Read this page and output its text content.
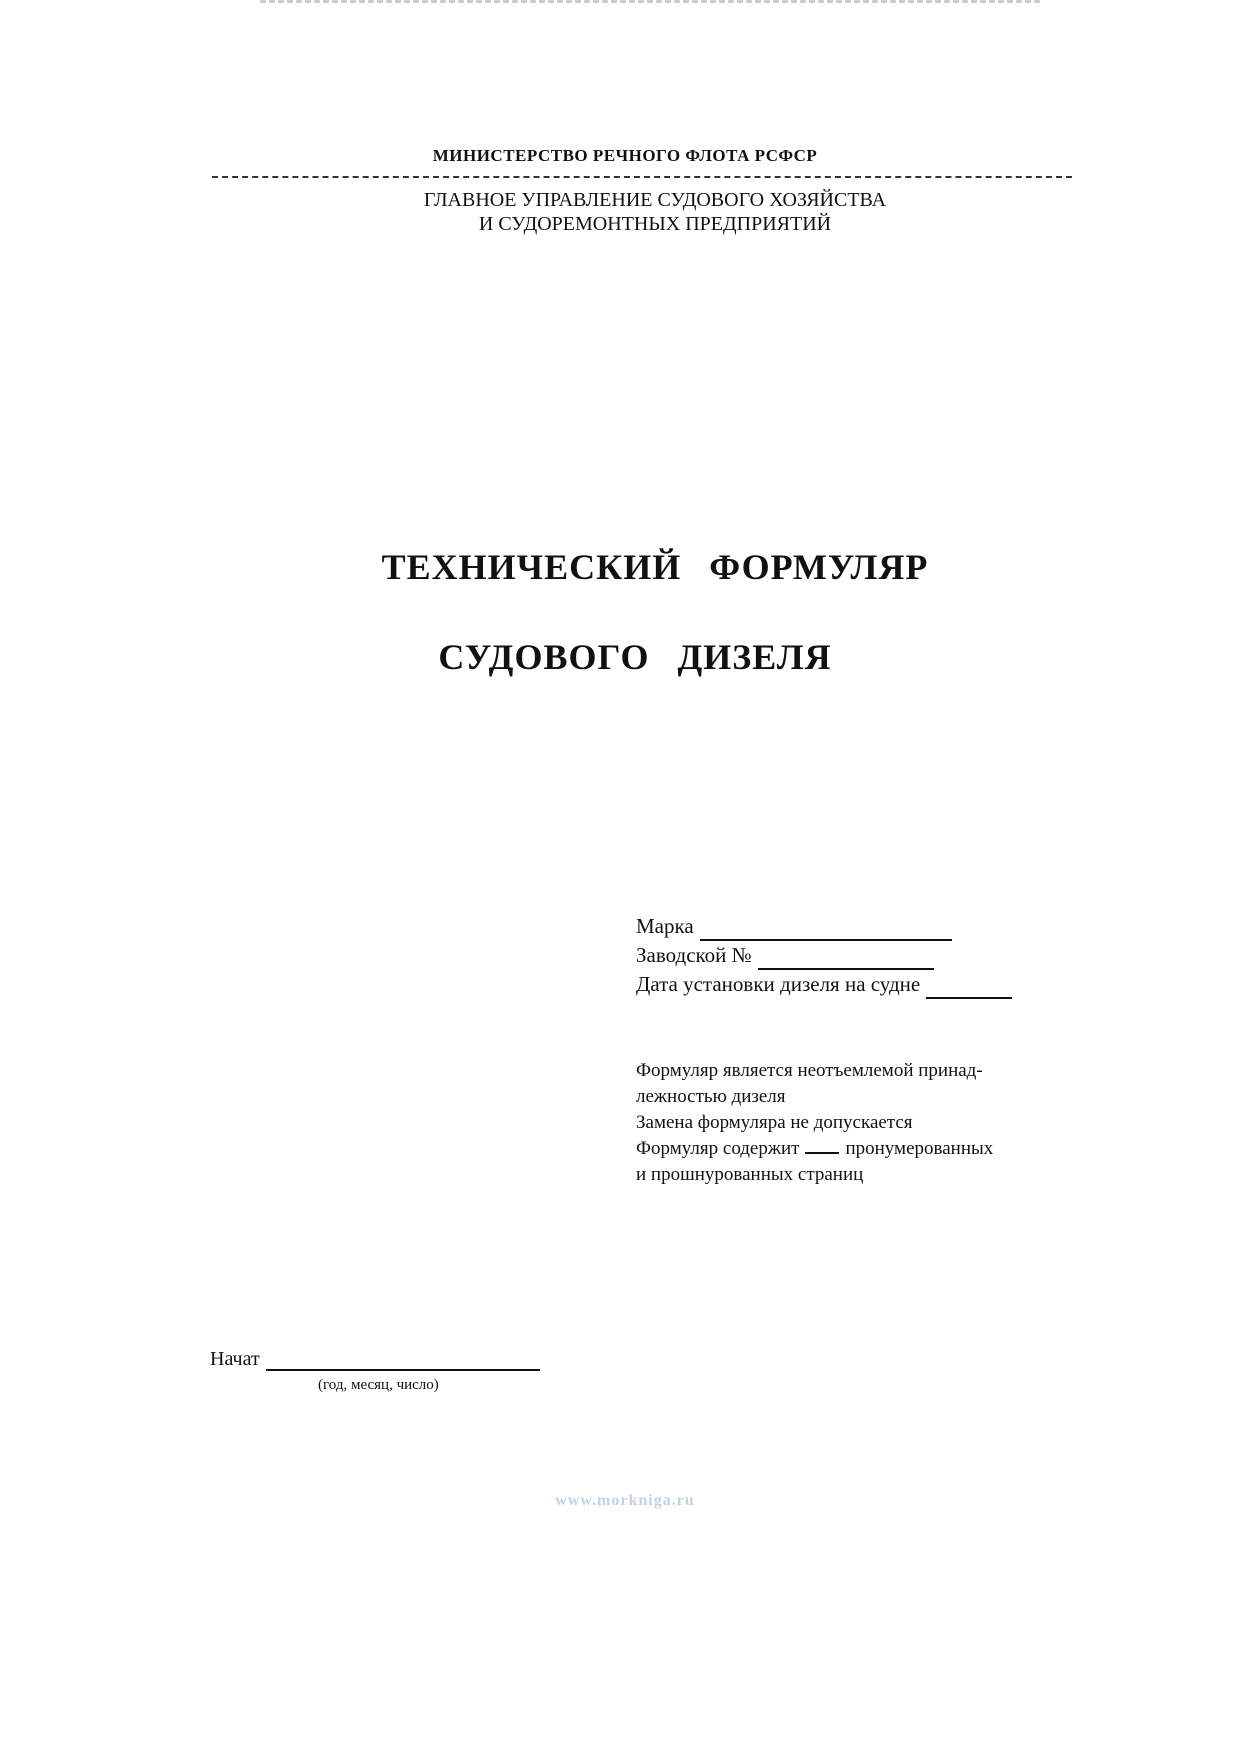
МИНИСТЕРСТВО РЕЧНОГО ФЛОТА РСФСР
ГЛАВНОЕ УПРАВЛЕНИЕ СУДОВОГО ХОЗЯЙСТВА
И СУДОРЕМОНТНЫХ ПРЕДПРИЯТИЙ
ТЕХНИЧЕСКИЙ ФОРМУЛЯР
СУДОВОГО ДИЗЕЛЯ
Марка
Заводской №
Дата установки дизеля на судне
Формуляр является неотъемлемой принад-
лежностью дизеля
Замена формуляра не допускается
Формуляр содержит пронумерованных
и прошнурованных страниц
Начат
(год, месяц, число)
www.morkniga.ru
